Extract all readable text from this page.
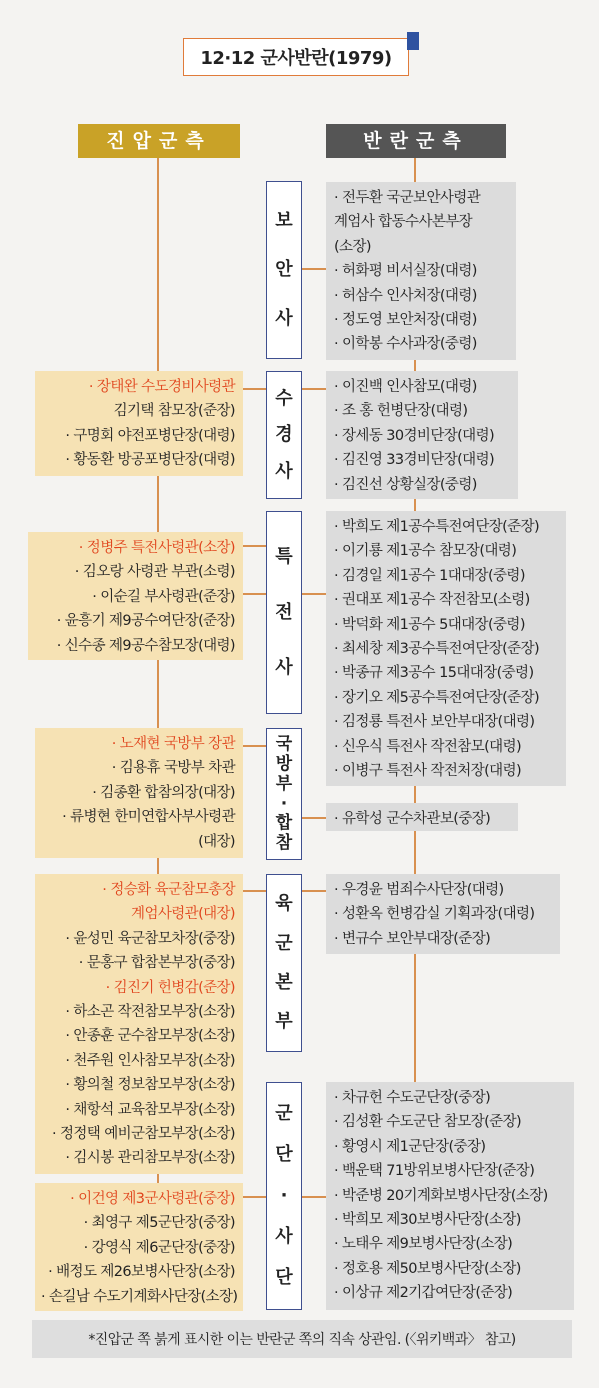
12·12 군사반란(1979)
진압군측	반란군측
보
안
사
· 전두환 국군보안사령관
계엄사 합동수사본부장
(소장)
· 허화평 비서실장(대령)
· 허삼수 인사처장(대령)
· 정도영 보안처장(대령)
· 이학봉 수사과장(중령)
· 장태완 수도경비사령관
김기택 참모장(준장)
· 구명회 야전포병단장(대령)
· 황동환 방공포병단장(대령)
수
경
사
· 이진백 인사참모(대령)
· 조 홍 헌병단장(대령)
· 장세동 30경비단장(대령)
· 김진영 33경비단장(대령)
· 김진선 상황실장(중령)
· 정병주 특전사령관(소장)
· 김오랑 사령관 부관(소령)
· 이순길 부사령관(준장)
· 윤흥기 제9공수여단장(준장)
· 신수종 제9공수참모장(대령)
특
전
사
· 박희도 제1공수특전여단장(준장)
· 이기룡 제1공수 참모장(대령)
· 김경일 제1공수 1대대장(중령)
· 권대포 제1공수 작전참모(소령)
· 박덕화 제1공수 5대대장(중령)
· 최세창 제3공수특전여단장(준장)
· 박종규 제3공수 15대대장(중령)
· 장기오 제5공수특전여단장(준장)
· 김정룡 특전사 보안부대장(대령)
· 신우식 특전사 작전참모(대령)
· 이병구 특전사 작전처장(대령)
· 노재현 국방부 장관
· 김용휴 국방부 차관
· 김종환 합참의장(대장)
· 류병현 한미연합사부사령관
(대장)
국
방
부
·
합
참
· 유학성 군수차관보(중장)
· 정승화 육군참모총장
계엄사령관(대장)
· 윤성민 육군참모차장(중장)
· 문홍구 합참본부장(중장)
· 김진기 헌병감(준장)
· 하소곤 작전참모부장(소장)
· 안종훈 군수참모부장(소장)
· 천주원 인사참모부장(소장)
· 황의철 정보참모부장(소장)
· 채항석 교육참모부장(소장)
· 정정택 예비군참모부장(소장)
· 김시봉 관리참모부장(소장)
육
군
본
부
· 우경윤 범죄수사단장(대령)
· 성환옥 헌병감실 기획과장(대령)
· 변규수 보안부대장(준장)
· 이건영 제3군사령관(중장)
· 최영구 제5군단장(중장)
· 강영식 제6군단장(중장)
· 배정도 제26보병사단장(소장)
· 손길남 수도기계화사단장(소장)
군
단
·
사
단
· 차규헌 수도군단장(중장)
· 김성환 수도군단 참모장(준장)
· 황영시 제1군단장(중장)
· 백운택 71방위보병사단장(준장)
· 박준병 20기계화보병사단장(소장)
· 박희모 제30보병사단장(소장)
· 노태우 제9보병사단장(소장)
· 정호용 제50보병사단장(소장)
· 이상규 제2기갑여단장(준장)
*진압군 쪽 붉게 표시한 이는 반란군 쪽의 직속 상관임. (〈위키백과〉 참고)
